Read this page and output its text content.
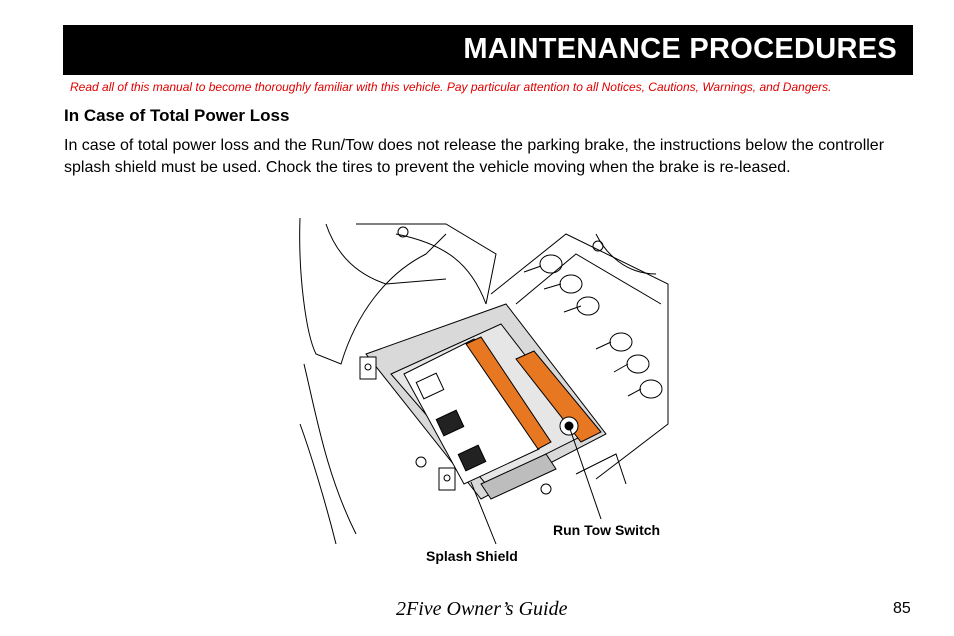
MAINTENANCE PROCEDURES
Read all of this manual to become thoroughly familiar with this vehicle. Pay particular attention to all Notices, Cautions, Warnings, and Dangers.
In Case of Total Power Loss

In case of total power loss and the Run/Tow does not release the parking brake, the instructions below the controller splash shield must be used. Chock the tires to prevent the vehicle moving when the brake is re-leased.

Run Tow Switch
Splash Shield
2Five Owner’s Guide	85
